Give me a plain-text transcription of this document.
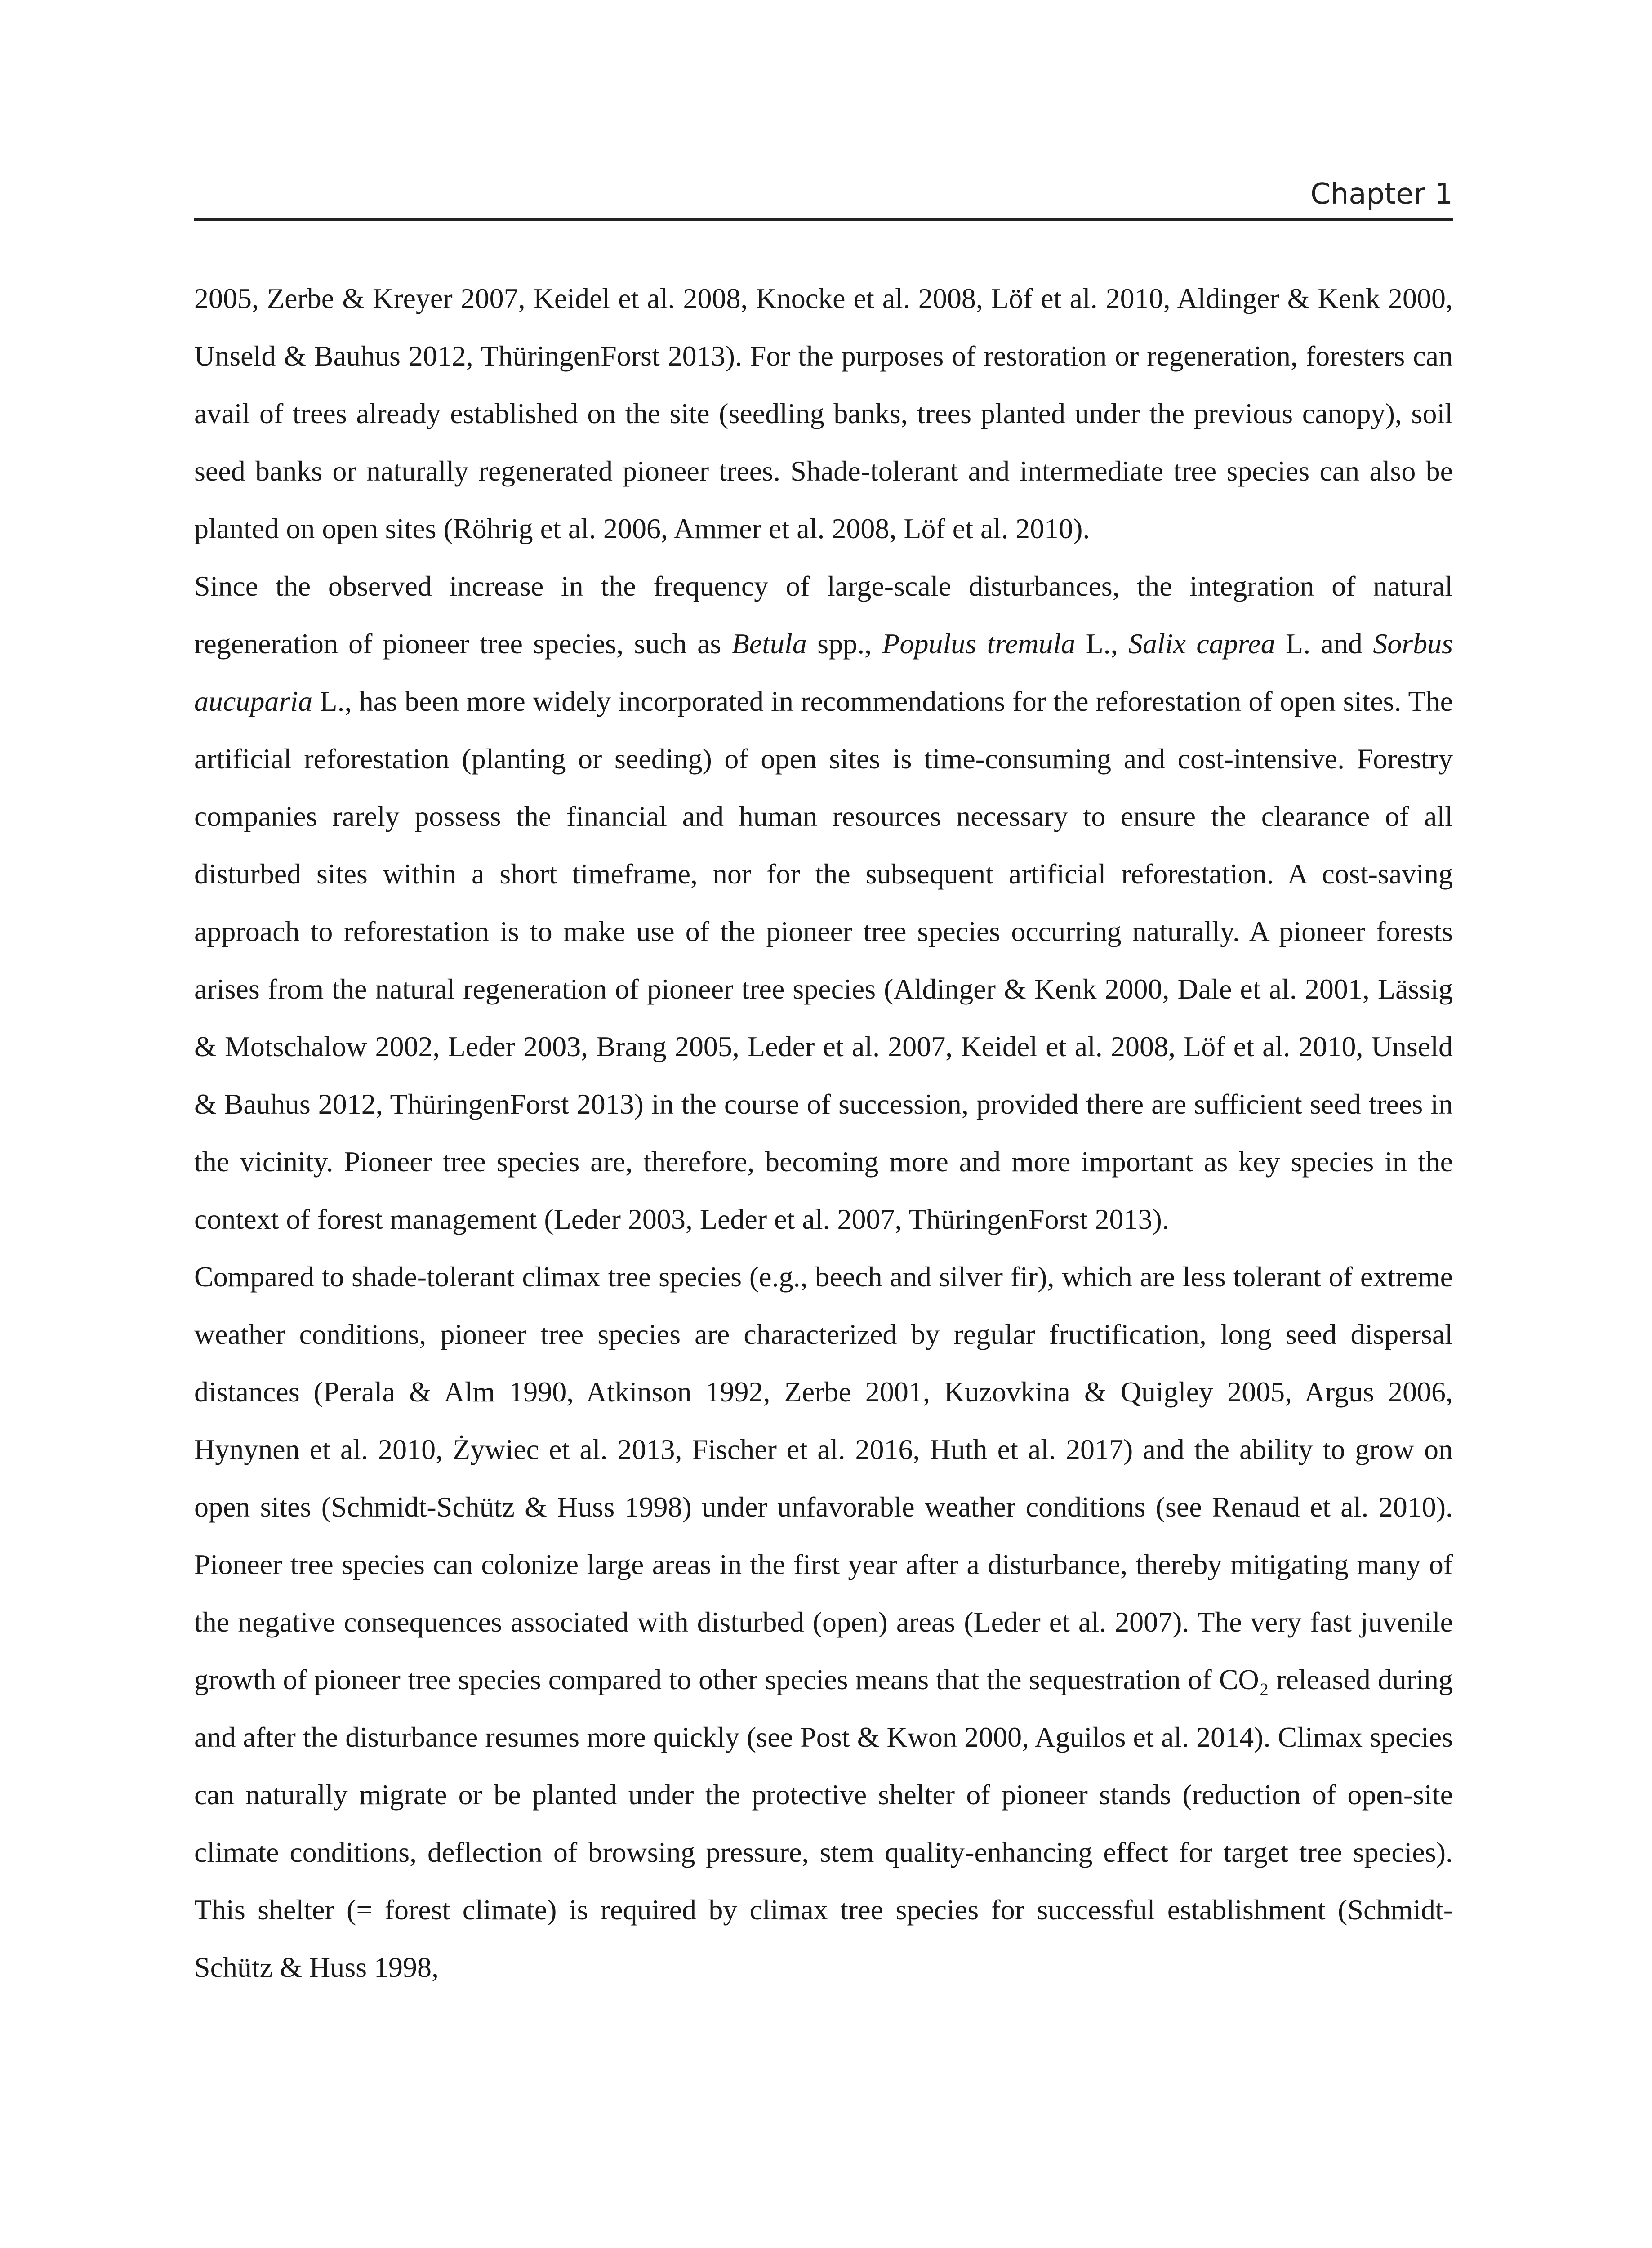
Chapter 1

2005, Zerbe & Kreyer 2007, Keidel et al. 2008, Knocke et al. 2008, Löf et al. 2010, Aldinger & Kenk 2000, Unseld & Bauhus 2012, ThüringenForst 2013). For the purposes of restoration or regeneration, foresters can avail of trees already established on the site (seedling banks, trees planted under the previous canopy), soil seed banks or naturally regenerated pioneer trees. Shade-tolerant and intermediate tree species can also be planted on open sites (Röhrig et al. 2006, Ammer et al. 2008, Löf et al. 2010).

Since the observed increase in the frequency of large-scale disturbances, the integration of natural regeneration of pioneer tree species, such as Betula spp., Populus tremula L., Salix caprea L. and Sorbus aucuparia L., has been more widely incorporated in recommendations for the reforestation of open sites. The artificial reforestation (planting or seeding) of open sites is time-consuming and cost-intensive. Forestry companies rarely possess the financial and human resources necessary to ensure the clearance of all disturbed sites within a short timeframe, nor for the subsequent artificial reforestation. A cost-saving approach to reforestation is to make use of the pioneer tree species occurring naturally. A pioneer forests arises from the natural regeneration of pioneer tree species (Aldinger & Kenk 2000, Dale et al. 2001, Lässig & Motschalow 2002, Leder 2003, Brang 2005, Leder et al. 2007, Keidel et al. 2008, Löf et al. 2010, Unseld & Bauhus 2012, ThüringenForst 2013) in the course of succession, provided there are sufficient seed trees in the vicinity. Pioneer tree species are, therefore, becoming more and more important as key species in the context of forest management (Leder 2003, Leder et al. 2007, ThüringenForst 2013).

Compared to shade-tolerant climax tree species (e.g., beech and silver fir), which are less tolerant of extreme weather conditions, pioneer tree species are characterized by regular fructification, long seed dispersal distances (Perala & Alm 1990, Atkinson 1992, Zerbe 2001, Kuzovkina & Quigley 2005, Argus 2006, Hynynen et al. 2010, Żywiec et al. 2013, Fischer et al. 2016, Huth et al. 2017) and the ability to grow on open sites (Schmidt-Schütz & Huss 1998) under unfavorable weather conditions (see Renaud et al. 2010). Pioneer tree species can colonize large areas in the first year after a disturbance, thereby mitigating many of the negative consequences associated with disturbed (open) areas (Leder et al. 2007). The very fast juvenile growth of pioneer tree species compared to other species means that the sequestration of CO₂ released during and after the disturbance resumes more quickly (see Post & Kwon 2000, Aguilos et al. 2014). Climax species can naturally migrate or be planted under the protective shelter of pioneer stands (reduction of open-site climate conditions, deflection of browsing pressure, stem quality-enhancing effect for target tree species). This shelter (= forest climate) is required by climax tree species for successful establishment (Schmidt-Schütz & Huss 1998,
